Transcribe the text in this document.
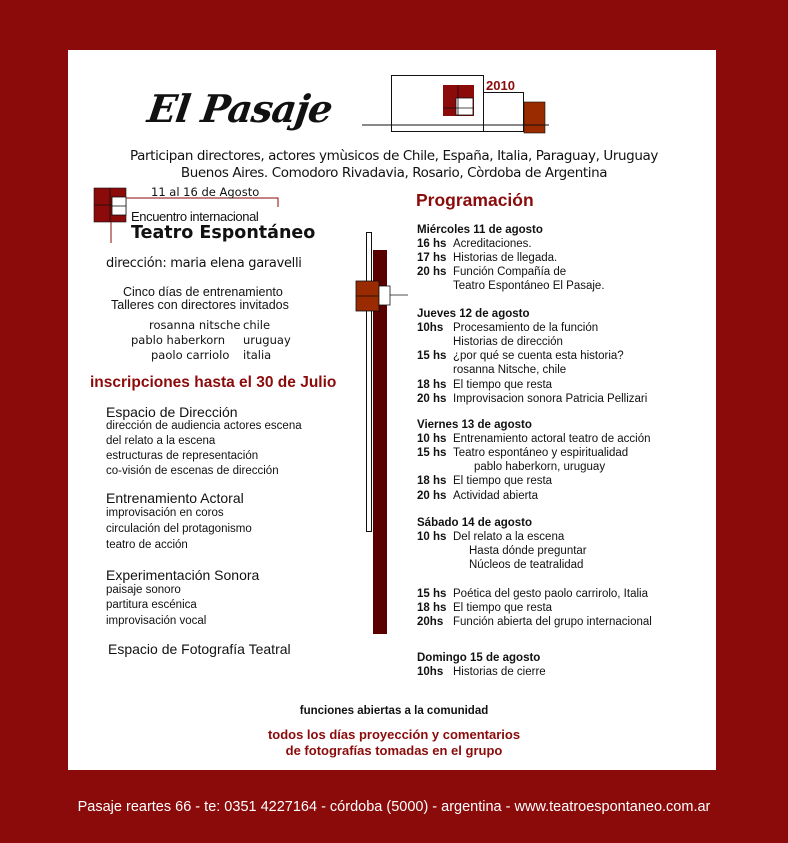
El Pasaje
2010
Participan directores, actores ymùsicos de Chile, España, Italia, Paraguay, Uruguay
Buenos Aires. Comodoro Rivadavia, Rosario, Còrdoba de Argentina
11 al 16 de Agosto
Encuentro internacional
Teatro Espontáneo
dirección: maria elena garavelli
Cinco días de entrenamiento
Talleres con directores invitados
rosanna nitsche chile
pablo haberkorn uruguay
paolo carriolo italia
inscripciones hasta el 30 de Julio
Espacio de Dirección
dirección de audiencia actores escena
del relato a la escena
estructuras de representación
co-visión de escenas de dirección
Entrenamiento Actoral
improvisación en coros
circulación del protagonismo
teatro de acción
Experimentación Sonora
paisaje sonoro
partitura escénica
improvisación vocal
Espacio de Fotografía Teatral
Programación
Miércoles 11 de agosto
16 hs Acreditaciones.
17 hs Historias de llegada.
20 hs Función Compañía de
Teatro Espontáneo El Pasaje.
Jueves 12 de agosto
10hs Procesamiento de la función
Historias de dirección
15 hs ¿por qué se cuenta esta historia?
rosanna Nitsche, chile
18 hs El tiempo que resta
20 hs Improvisacion sonora Patricia Pellizari
Viernes 13 de agosto
10 hs Entrenamiento actoral teatro de acción
15 hs Teatro espontáneo y espiritualidad
pablo haberkorn, uruguay
18 hs El tiempo que resta
20 hs Actividad abierta
Sábado 14 de agosto
10 hs Del relato a la escena
Hasta dónde preguntar
Núcleos de teatralidad
15 hs Poética del gesto paolo carrirolo, Italia
18 hs El tiempo que resta
20hs Función abierta del grupo internacional
Domingo 15 de agosto
10hs Historias de cierre
funciones abiertas a la comunidad
todos los días proyección y comentarios
de fotografías tomadas en el grupo
Pasaje reartes 66 - te: 0351 4227164 - córdoba (5000) - argentina - www.teatroespontaneo.com.ar
